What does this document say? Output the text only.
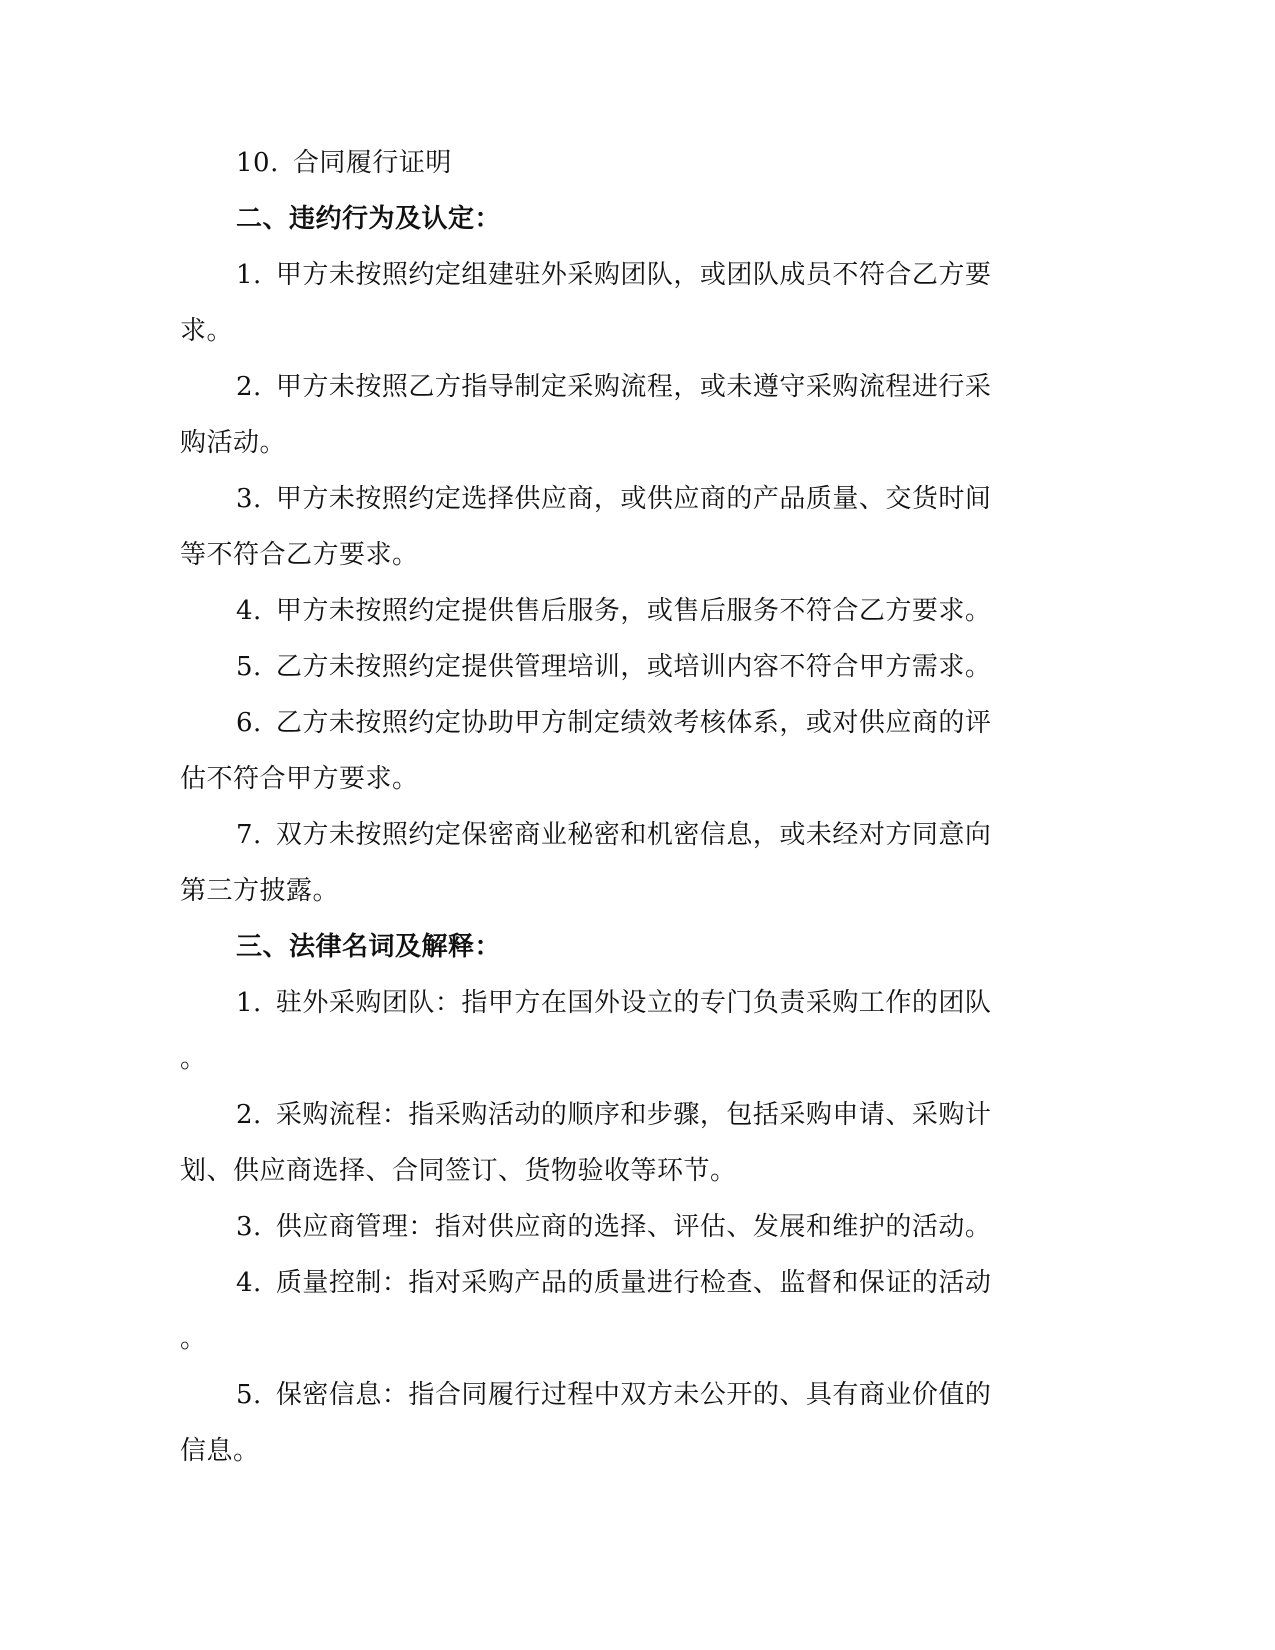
10. 合同履行证明
二、违约行为及认定：
1. 甲方未按照约定组建驻外采购团队，或团队成员不符合乙方要
求。
2. 甲方未按照乙方指导制定采购流程，或未遵守采购流程进行采
购活动。
3. 甲方未按照约定选择供应商，或供应商的产品质量、交货时间
等不符合乙方要求。
4. 甲方未按照约定提供售后服务，或售后服务不符合乙方要求。
5. 乙方未按照约定提供管理培训，或培训内容不符合甲方需求。
6. 乙方未按照约定协助甲方制定绩效考核体系，或对供应商的评
估不符合甲方要求。
7. 双方未按照约定保密商业秘密和机密信息，或未经对方同意向
第三方披露。
三、法律名词及解释：
1. 驻外采购团队：指甲方在国外设立的专门负责采购工作的团队
。
2. 采购流程：指采购活动的顺序和步骤，包括采购申请、采购计
划、供应商选择、合同签订、货物验收等环节。
3. 供应商管理：指对供应商的选择、评估、发展和维护的活动。
4. 质量控制：指对采购产品的质量进行检查、监督和保证的活动
。
5. 保密信息：指合同履行过程中双方未公开的、具有商业价值的
信息。
